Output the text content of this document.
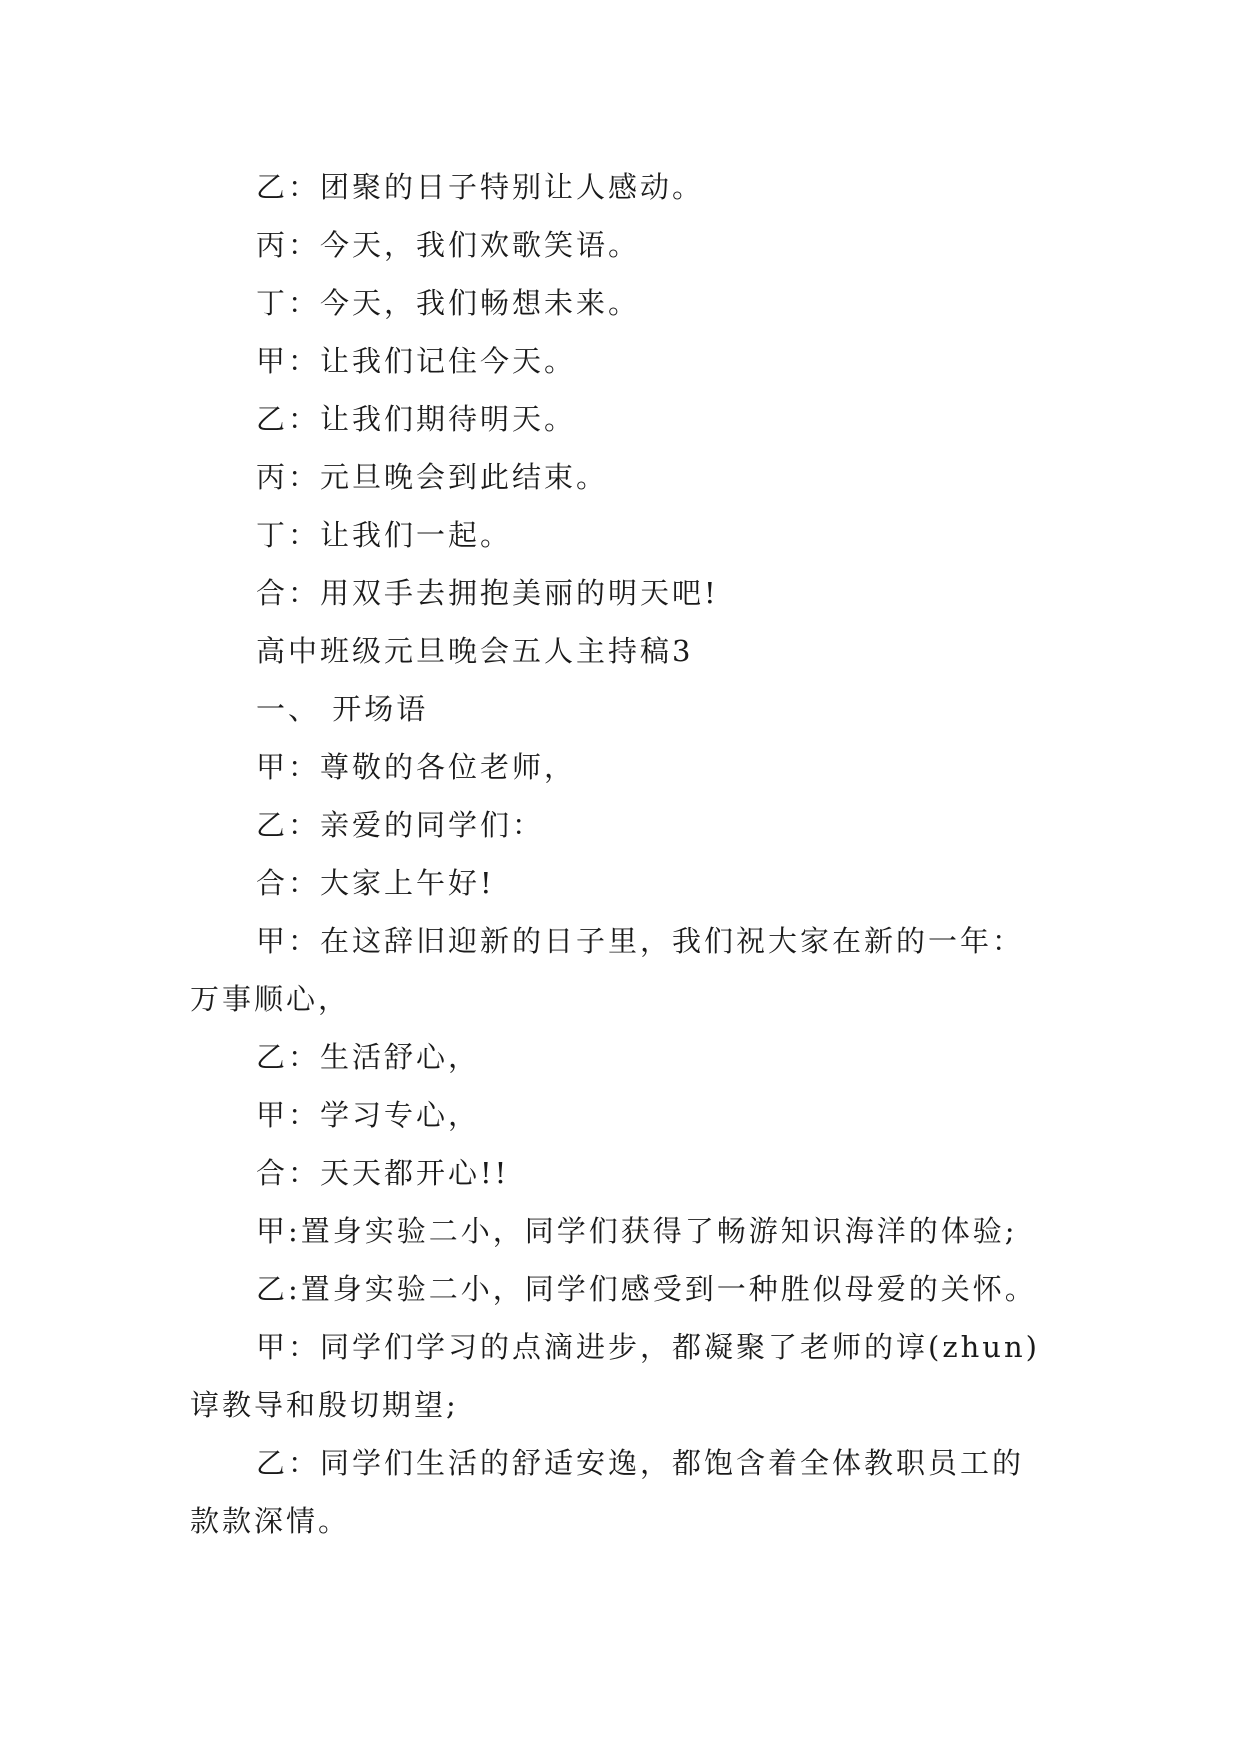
乙：团聚的日子特别让人感动。

丙：今天，我们欢歌笑语。

丁：今天，我们畅想未来。

甲：让我们记住今天。

乙：让我们期待明天。

丙：元旦晚会到此结束。

丁：让我们一起。

合：用双手去拥抱美丽的明天吧!

高中班级元旦晚会五人主持稿3

一、 开场语

甲：尊敬的各位老师，

乙：亲爱的同学们：

合：大家上午好!

甲：在这辞旧迎新的日子里，我们祝大家在新的一年：万事顺心，

乙：生活舒心，

甲：学习专心，

合：天天都开心!!

甲:置身实验二小，同学们获得了畅游知识海洋的体验;

乙:置身实验二小，同学们感受到一种胜似母爱的关怀。

甲：同学们学习的点滴进步，都凝聚了老师的谆(zhun)谆教导和殷切期望;

乙：同学们生活的舒适安逸，都饱含着全体教职员工的款款深情。
